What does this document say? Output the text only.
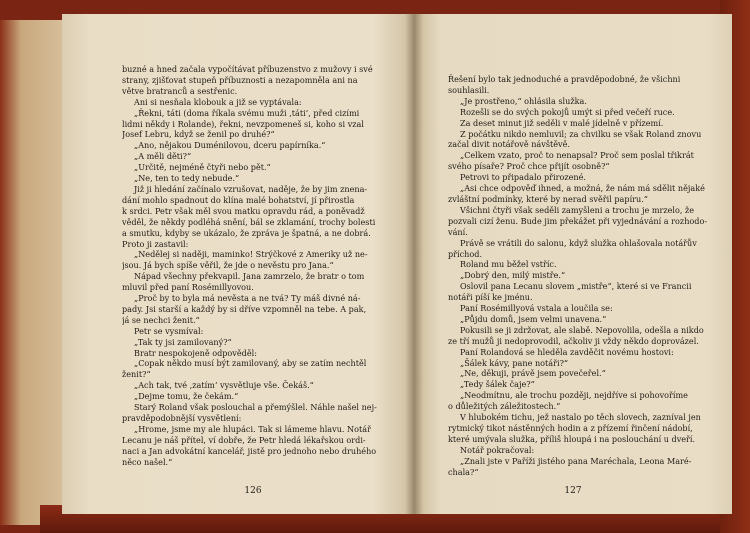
buzné a hned začala vypočítávat příbuzenstvo z mužovy i své

strany, zjišťovat stupeň příbuznosti a nezapomněla ani na

větve bratranců a sestřenic.

Ani si nesňala klobouk a již se vyptávala:

„Řekni, táti (doma říkala svému muži ‚táti‘, před cizími

lidmi někdy i Rolande), řekni, nevzpomeneš si, koho si vzal

Josef Lebru, když se ženil po druhé?“

„Ano, nějakou Duménilovou, dceru papírníka.“

„A měli děti?“

„Určitě, nejméně čtyři nebo pět.“

„Ne, ten to tedy nebude.“

Již ji hledání začínalo vzrušovat, naděje, že by jim znena-

dání mohlo spadnout do klína malé bohatství, jí přirostla

k srdci. Petr však měl svou matku opravdu rád, a poněvadž

věděl, že někdy podléhá snění, bál se zklamání, trochy bolesti

a smutku, kdyby se ukázalo, že zpráva je špatná, a ne dobrá.

Proto ji zastavil:

„Nedělej si naději, maminko! Strýčkové z Ameriky už ne-

jsou. Já bych spíše věřil, že jde o nevěstu pro Jana.“

Nápad všechny překvapil. Jana zamrzelo, že bratr o tom

mluvil před paní Rosémillyovou.

„Proč by to byla má nevěsta a ne tvá? Ty máš divné ná-

pady. Jsi starší a každý by si dříve vzpomněl na tebe. A pak,

já se nechci ženit.“

Petr se vysmíval:

„Tak ty jsi zamilovaný?“

Bratr nespokojeně odpověděl:

„Copak někdo musí být zamilovaný, aby se zatím nechtěl

ženit?“

„Ach tak, tvé ‚zatím‘ vysvětluje vše. Čekáš.“

„Dejme tomu, že čekám.“

Starý Roland však poslouchal a přemýšlel. Náhle našel nej-

pravděpodobnější vysvětlení:

„Hrome, jsme my ale hlupáci. Tak si lámeme hlavu. Notář

Lecanu je náš přítel, ví dobře, že Petr hledá lékařskou ordi-

naci a Jan advokátní kancelář, jistě pro jednoho nebo druhého

něco našel.“

126

Řešení bylo tak jednoduché a pravděpodobné, že všichni

souhlasili.

„Je prostřeno,“ ohlásila služka.

Rozešli se do svých pokojů umýt si před večeří ruce.

Za deset minut již seděli v malé jídelně v přízemí.

Z počátku nikdo nemluvil; za chvilku se však Roland znovu

začal divit notářově návštěvě.

„Celkem vzato, proč to nenapsal? Proč sem poslal třikrát

svého písaře? Proč chce přijít osobně?“

Petrovi to připadalo přirozené.

„Asi chce odpověď ihned, a možná, že nám má sdělit nějaké

zvláštní podmínky, které by nerad svěřil papíru.“

Všichni čtyři však seděli zamyšleni a trochu je mrzelo, že

pozvali cizí ženu. Bude jim překážet při vyjednávání a rozhodo-

vání.

Právě se vrátili do salonu, když služka ohlašovala notářův

příchod.

Roland mu běžel vstříc.

„Dobrý den, milý mistře.“

Oslovil pana Lecanu slovem „mistře“, které si ve Francii

notáři píší ke jménu.

Paní Rosémillyová vstala a loučila se:

„Půjdu domů, jsem velmi unavena.“

Pokusili se ji zdržovat, ale slabě. Nepovolila, odešla a nikdo

ze tří mužů ji nedoprovodil, ačkoliv ji vždy někdo doprovázel.

Paní Rolandová se hleděla zavděčit novému hostovi:

„Šálek kávy, pane notáři?“

„Ne, děkuji, právě jsem povečeřel.“

„Tedy šálek čaje?“

„Neodmítnu, ale trochu později, nejdříve si pohovoříme

o důležitých záležitostech.“

V hlubokém tichu, jež nastalo po těch slovech, zazníval jen

rytmický tikot nástěnných hodin a z přízemí řinčení nádobí,

které umývala služka, příliš hloupá i na poslouchání u dveří.

Notář pokračoval:

„Znali jste v Paříži jistého pana Maréchala, Leona Maré-

chala?“

127
